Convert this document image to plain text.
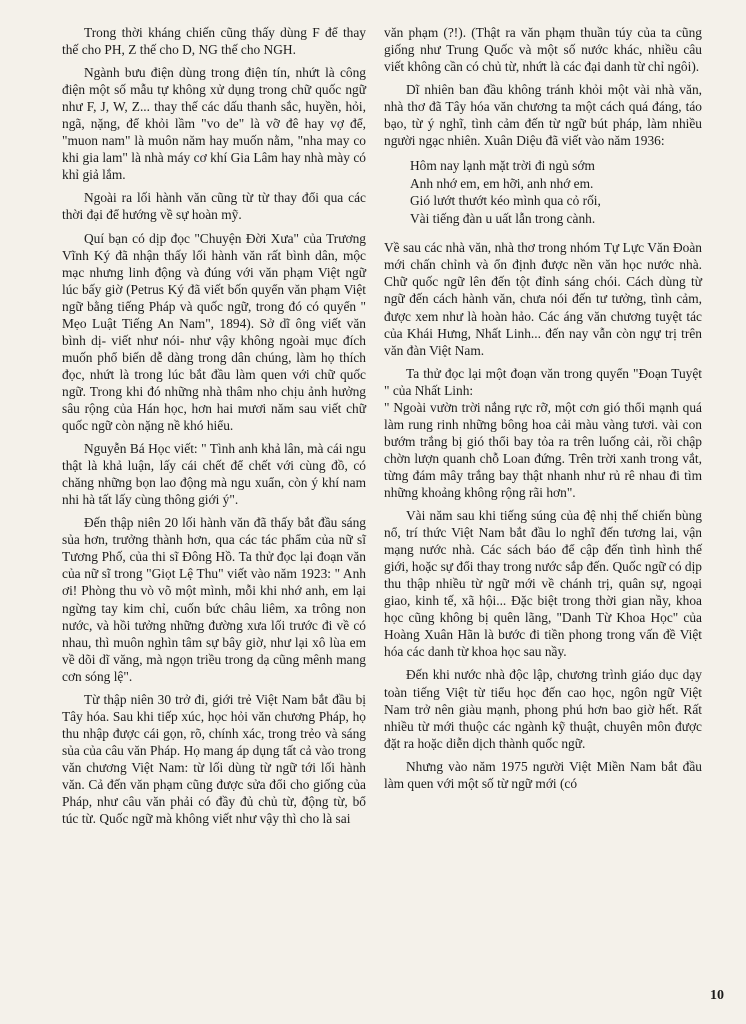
Trong thời kháng chiến cũng thấy dùng F để thay thế cho PH, Z thế cho D, NG thế cho NGH.

Ngành bưu điện dùng trong điện tín, nhứt là công điện một số mẫu tự không xử dụng trong chữ quốc ngữ như F, J, W, Z... thay thế các dấu thanh sắc, huyền, hỏi, ngã, nặng, để khỏi lầm "vo de" là vỡ đê hay vợ để, "muon nam" là muôn năm hay muốn nằm, "nha may co khi gia lam" là nhà máy cơ khí Gia Lâm hay nhà mày có khỉ giả lắm.

Ngoài ra lối hành văn cũng từ từ thay đổi qua các thời đại để hướng về sự hoàn mỹ.

Quí bạn có dịp đọc "Chuyện Đời Xưa" của Trương Vĩnh Ký đã nhận thấy lối hành văn rất bình dân, mộc mạc nhưng linh động và đúng với văn phạm Việt ngữ lúc bấy giờ (Petrus Ký đã viết bốn quyển văn phạm Việt ngữ bằng tiếng Pháp và quốc ngữ, trong đó có quyển " Mẹo Luật Tiếng An Nam", 1894). Sở dĩ ông viết văn bình dị- viết như nói- như vậy không ngoài mục đích muốn phổ biến dễ dàng trong dân chúng, làm họ thích đọc, nhứt là trong lúc bắt đầu làm quen với chữ quốc ngữ. Trong khi đó những nhà thâm nho chịu ảnh hưởng sâu rộng của Hán học, hơn hai mươi năm sau viết chữ quốc ngữ còn nặng nề khó hiểu.

Nguyễn Bá Học viết: " Tình anh khả lân, mà cái ngu thật là khả luận, lấy cái chết để chết với cùng đồ, có chăng những bọn lao động mà ngu xuẩn, còn ý khí nam nhi hà tất lấy cùng thông giới ý".

Đến thập niên 20 lối hành văn đã thấy bắt đầu sáng sủa hơn, trưởng thành hơn, qua các tác phẩm của nữ sĩ Tương Phố, của thi sĩ Đông Hồ. Ta thử đọc lại đoạn văn của nữ sĩ trong "Giọt Lệ Thu" viết vào năm 1923: " Anh ơi! Phòng thu vò võ một mình, mỗi khi nhớ anh, em lại ngừng tay kim chỉ, cuốn bức châu liêm, xa trông non nước, và hồi tưởng những đường xưa lối trước đi về có nhau, thì muôn nghìn tâm sự bây giờ, như lại xô lùa em về dõi dĩ văng, mà ngọn triều trong dạ cũng mênh mang cơn sóng lệ".

Từ thập niên 30 trở đi, giới trẻ Việt Nam bắt đầu bị Tây hóa. Sau khi tiếp xúc, học hỏi văn chương Pháp, họ thu nhập được cái gọn, rõ, chính xác, trong trẻo và sáng sủa của câu văn Pháp. Họ mang áp dụng tất cả vào trong văn chương Việt Nam: từ lối dùng từ ngữ tới lối hành văn. Cả đến văn phạm cũng được sửa đổi cho giống của Pháp, như câu văn phải có đầy đủ chủ từ, động từ, bổ túc từ. Quốc ngữ mà không viết như vậy thì cho là sai

văn phạm (?!). (Thật ra văn phạm thuần túy của ta cũng giống như Trung Quốc và một số nước khác, nhiều câu viết không cần có chủ từ, nhứt là các đại danh từ chỉ ngôi).

Dĩ nhiên ban đầu không tránh khỏi một vài nhà văn, nhà thơ đã Tây hóa văn chương ta một cách quá đáng, táo bạo, từ ý nghĩ, tình cảm đến từ ngữ bút pháp, làm nhiều người ngạc nhiên. Xuân Diệu đã viết vào năm 1936:

Hôm nay lạnh mặt trời đi ngủ sớm
Anh nhớ em, em hỡi, anh nhớ em.
Gió lướt thướt kéo mình qua cỏ rối,
Vài tiếng đàn u uất lẫn trong cành.

Về sau các nhà văn, nhà thơ trong nhóm Tự Lực Văn Đoàn mới chấn chỉnh và ổn định được nền văn học nước nhà. Chữ quốc ngữ lên đến tột đỉnh sáng chói. Cách dùng từ ngữ đến cách hành văn, chưa nói đến tư tưởng, tình cảm, được xem như là hoàn hảo. Các áng văn chương tuyệt tác của Khái Hưng, Nhất Linh... đến nay vẫn còn ngự trị trên văn đàn Việt Nam.

Ta thử đọc lại một đoạn văn trong quyển "Đoạn Tuyệt " của Nhất Linh:

" Ngoài vườn trời nắng rực rỡ, một cơn gió thổi mạnh quá làm rung rinh những bông hoa cải màu vàng tươi. vài con bướm trắng bị gió thổi bay tỏa ra trên luống cải, rồi chập chờn lượn quanh chỗ Loan đứng. Trên trời xanh trong vắt, từng đám mây trắng bay thật nhanh như rủ rê nhau đi tìm những khoảng không rộng rãi hơn".

Vài năm sau khi tiếng súng của đệ nhị thế chiến bùng nổ, trí thức Việt Nam bắt đầu lo nghĩ đến tương lai, vận mạng nước nhà. Các sách báo để cập đến tình hình thế giới, hoặc sự đổi thay trong nước sắp đến. Quốc ngữ có dịp thu thập nhiều từ ngữ mới về chánh trị, quân sự, ngoại giao, kinh tế, xã hội... Đặc biệt trong thời gian nầy, khoa học cũng không bị quên lãng, "Danh Từ Khoa Học" của Hoàng Xuân Hãn là bước đi tiền phong trong vấn đề Việt hóa các danh từ khoa học sau nầy.

Đến khi nước nhà độc lập, chương trình giáo dục dạy toàn tiếng Việt từ tiểu học đến cao học, ngôn ngữ Việt Nam trở nên giàu mạnh, phong phú hơn bao giờ hết. Rất nhiều từ mới thuộc các ngành kỹ thuật, chuyên môn được đặt ra hoặc diễn dịch thành quốc ngữ.

Nhưng vào năm 1975 người Việt Miền Nam bắt đầu làm quen với một số từ ngữ mới (có

10
